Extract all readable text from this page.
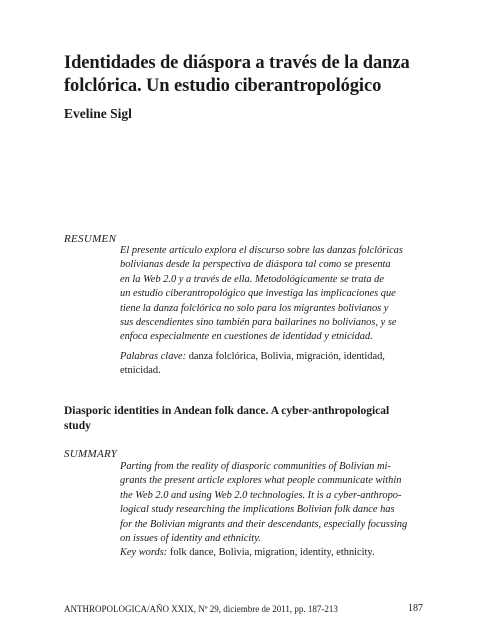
Identidades de diáspora a través de la danza
folclórica. Un estudio ciberantropológico
Eveline Sigl
RESUMEN
El presente artículo explora el discurso sobre las danzas folclóricas
bolivianas desde la perspectiva de diáspora tal como se presenta
en la Web 2.0 y a través de ella. Metodológicamente se trata de
un estudio ciberantropológico que investiga las implicaciones que
tiene la danza folclórica no solo para los migrantes bolivianos y
sus descendientes sino también para bailarines no bolivianos, y se
enfoca especialmente en cuestiones de identidad y etnicidad.
Palabras clave: danza folclórica, Bolivia, migración, identidad,
etnicidad.
Diasporic identities in Andean folk dance. A cyber-anthropological
study
SUMMARY
Parting from the reality of diasporic communities of Bolivian mi-
grants the present article explores what people communicate within
the Web 2.0 and using Web 2.0 technologies. It is a cyber-anthropo-
logical study researching the implications Bolivian folk dance has
for the Bolivian migrants and their descendants, especially focussing
on issues of identity and ethnicity.
Key words: folk dance, Bolivia, migration, identity, ethnicity.
ANTHROPOLOGICA/AÑO XXIX, Nº 29, diciembre de 2011, pp. 187-213	187
